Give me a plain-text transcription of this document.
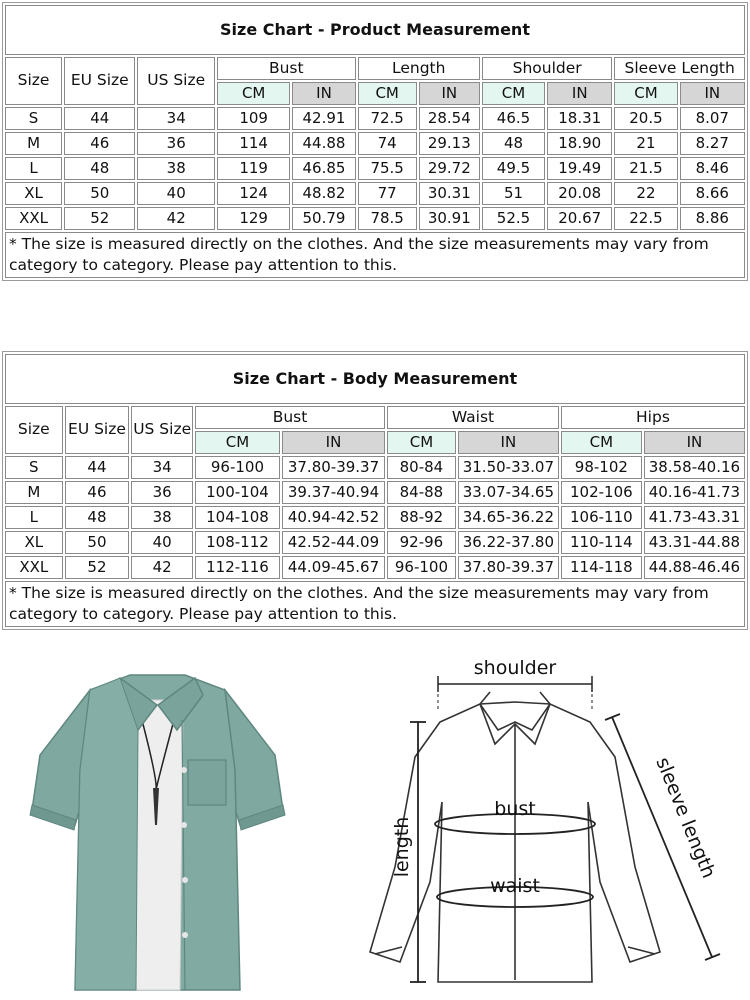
Size Chart - Product Measurement										
Size	EU Size	US Size	Bust		Length		Shoulder		Sleeve Length	
			CM	IN	CM	IN	CM	IN	CM	IN
S	44	34	109	42.91	72.5	28.54	46.5	18.31	20.5	8.07
M	46	36	114	44.88	74	29.13	48	18.90	21	8.27
L	48	38	119	46.85	75.5	29.72	49.5	19.49	21.5	8.46
XL	50	40	124	48.82	77	30.31	51	20.08	22	8.66
XXL	52	42	129	50.79	78.5	30.91	52.5	20.67	22.5	8.86
* The size is measured directly on the clothes. And the size measurements may vary from category to category. Please pay attention to this.										
Size Chart - Body Measurement								
Size	EU Size	US Size	Bust		Waist		Hips	
			CM	IN	CM	IN	CM	IN
S	44	34	96-100	37.80-39.37	80-84	31.50-33.07	98-102	38.58-40.16
M	46	36	100-104	39.37-40.94	84-88	33.07-34.65	102-106	40.16-41.73
L	48	38	104-108	40.94-42.52	88-92	34.65-36.22	106-110	41.73-43.31
XL	50	40	108-112	42.52-44.09	92-96	36.22-37.80	110-114	43.31-44.88
XXL	52	42	112-116	44.09-45.67	96-100	37.80-39.37	114-118	44.88-46.46
* The size is measured directly on the clothes. And the size measurements may vary from category to category. Please pay attention to this.								
shoulder
bust
waist
length	sleeve length
